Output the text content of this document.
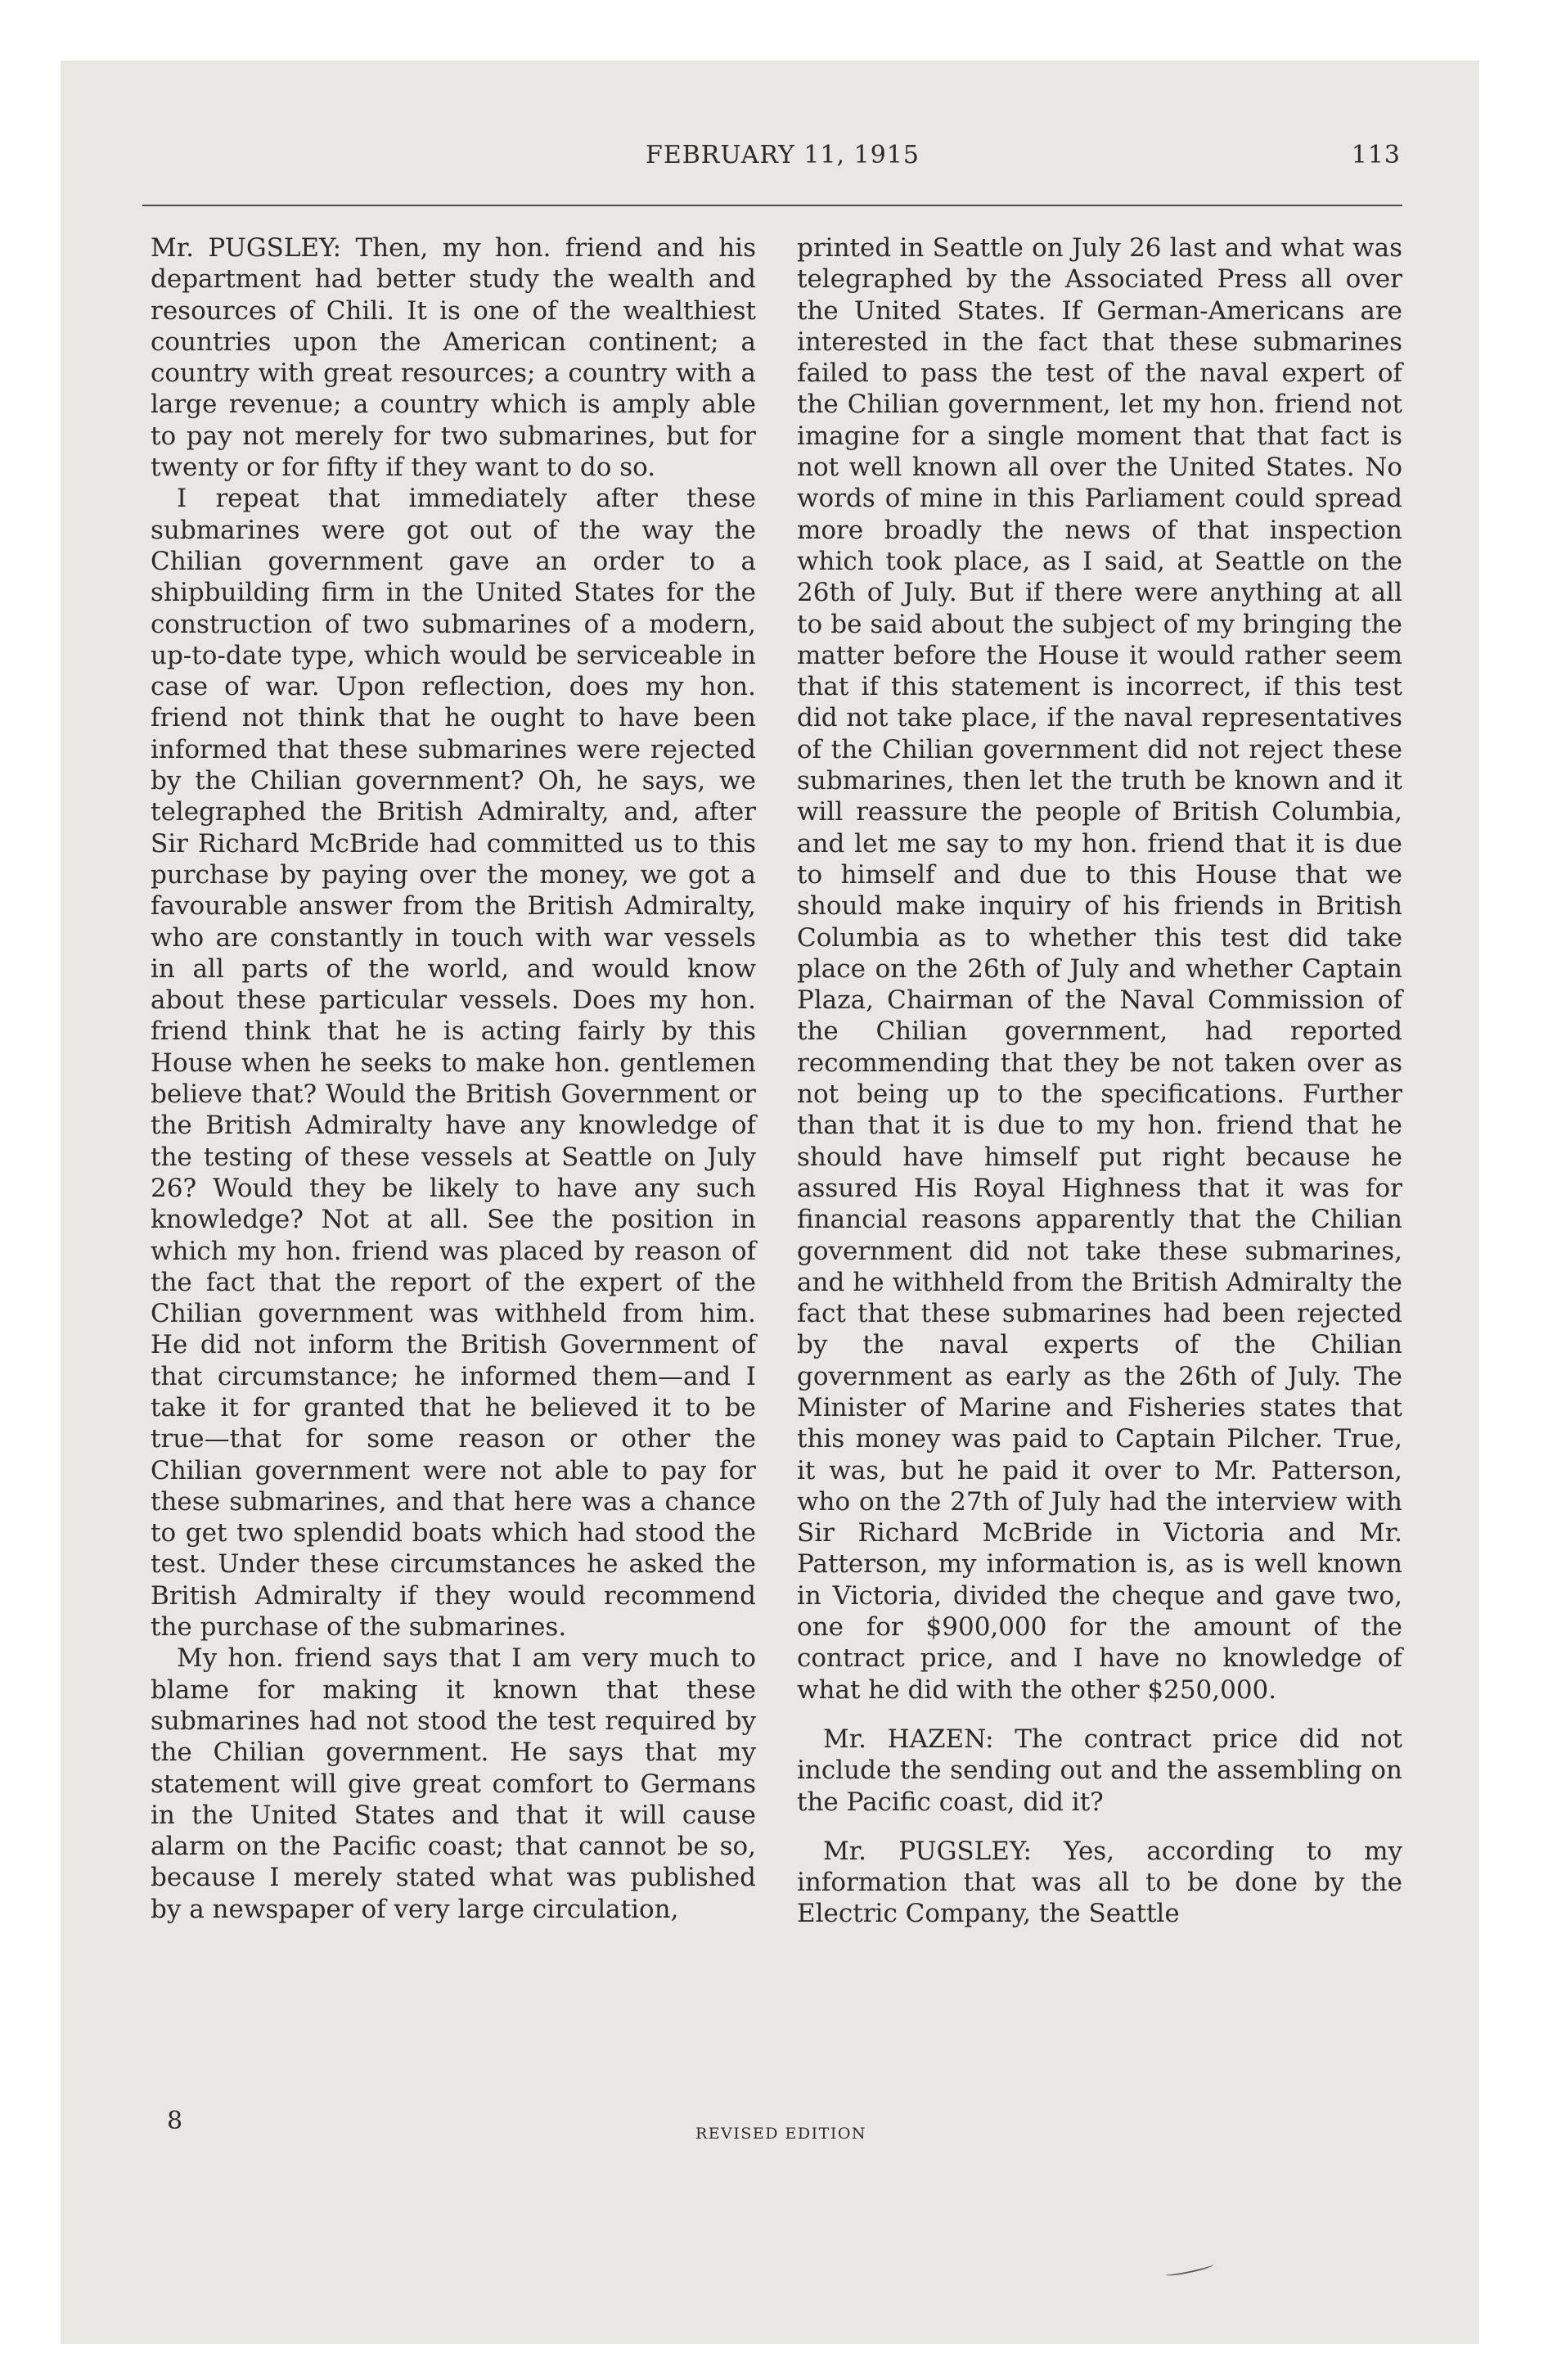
FEBRUARY 11, 1915	113

Mr. PUGSLEY: Then, my hon. friend and his department had better study the wealth and resources of Chili. It is one of the wealthiest countries upon the American continent; a country with great resources; a country with a large revenue; a country which is amply able to pay not merely for two submarines, but for twenty or for fifty if they want to do so.

I repeat that immediately after these submarines were got out of the way the Chilian government gave an order to a shipbuilding firm in the United States for the construction of two submarines of a modern, up-to-date type, which would be serviceable in case of war. Upon reflection, does my hon. friend not think that he ought to have been informed that these submarines were rejected by the Chilian government? Oh, he says, we telegraphed the British Admiralty, and, after Sir Richard McBride had committed us to this purchase by paying over the money, we got a favourable answer from the British Admiralty, who are constantly in touch with war vessels in all parts of the world, and would know about these particular vessels. Does my hon. friend think that he is acting fairly by this House when he seeks to make hon. gentlemen believe that? Would the British Government or the British Admiralty have any knowledge of the testing of these vessels at Seattle on July 26? Would they be likely to have any such knowledge? Not at all. See the position in which my hon. friend was placed by reason of the fact that the report of the expert of the Chilian government was withheld from him. He did not inform the British Government of that circumstance; he informed them—and I take it for granted that he believed it to be true—that for some reason or other the Chilian government were not able to pay for these submarines, and that here was a chance to get two splendid boats which had stood the test. Under these circumstances he asked the British Admiralty if they would recommend the purchase of the submarines.

My hon. friend says that I am very much to blame for making it known that these submarines had not stood the test required by the Chilian government. He says that my statement will give great comfort to Germans in the United States and that it will cause alarm on the Pacific coast; that cannot be so, because I merely stated what was published by a newspaper of very large circulation,

printed in Seattle on July 26 last and what was telegraphed by the Associated Press all over the United States. If German-Americans are interested in the fact that these submarines failed to pass the test of the naval expert of the Chilian government, let my hon. friend not imagine for a single moment that that fact is not well known all over the United States. No words of mine in this Parliament could spread more broadly the news of that inspection which took place, as I said, at Seattle on the 26th of July. But if there were anything at all to be said about the subject of my bringing the matter before the House it would rather seem that if this statement is incorrect, if this test did not take place, if the naval representatives of the Chilian government did not reject these submarines, then let the truth be known and it will reassure the people of British Columbia, and let me say to my hon. friend that it is due to himself and due to this House that we should make inquiry of his friends in British Columbia as to whether this test did take place on the 26th of July and whether Captain Plaza, Chairman of the Naval Commission of the Chilian government, had reported recommending that they be not taken over as not being up to the specifications. Further than that it is due to my hon. friend that he should have himself put right because he assured His Royal Highness that it was for financial reasons apparently that the Chilian government did not take these submarines, and he withheld from the British Admiralty the fact that these submarines had been rejected by the naval experts of the Chilian government as early as the 26th of July. The Minister of Marine and Fisheries states that this money was paid to Captain Pilcher. True, it was, but he paid it over to Mr. Patterson, who on the 27th of July had the interview with Sir Richard McBride in Victoria and Mr. Patterson, my information is, as is well known in Victoria, divided the cheque and gave two, one for $900,000 for the amount of the contract price, and I have no knowledge of what he did with the other $250,000.

Mr. HAZEN: The contract price did not include the sending out and the assembling on the Pacific coast, did it?

Mr. PUGSLEY: Yes, according to my information that was all to be done by the Electric Company, the Seattle

8	REVISED EDITION
